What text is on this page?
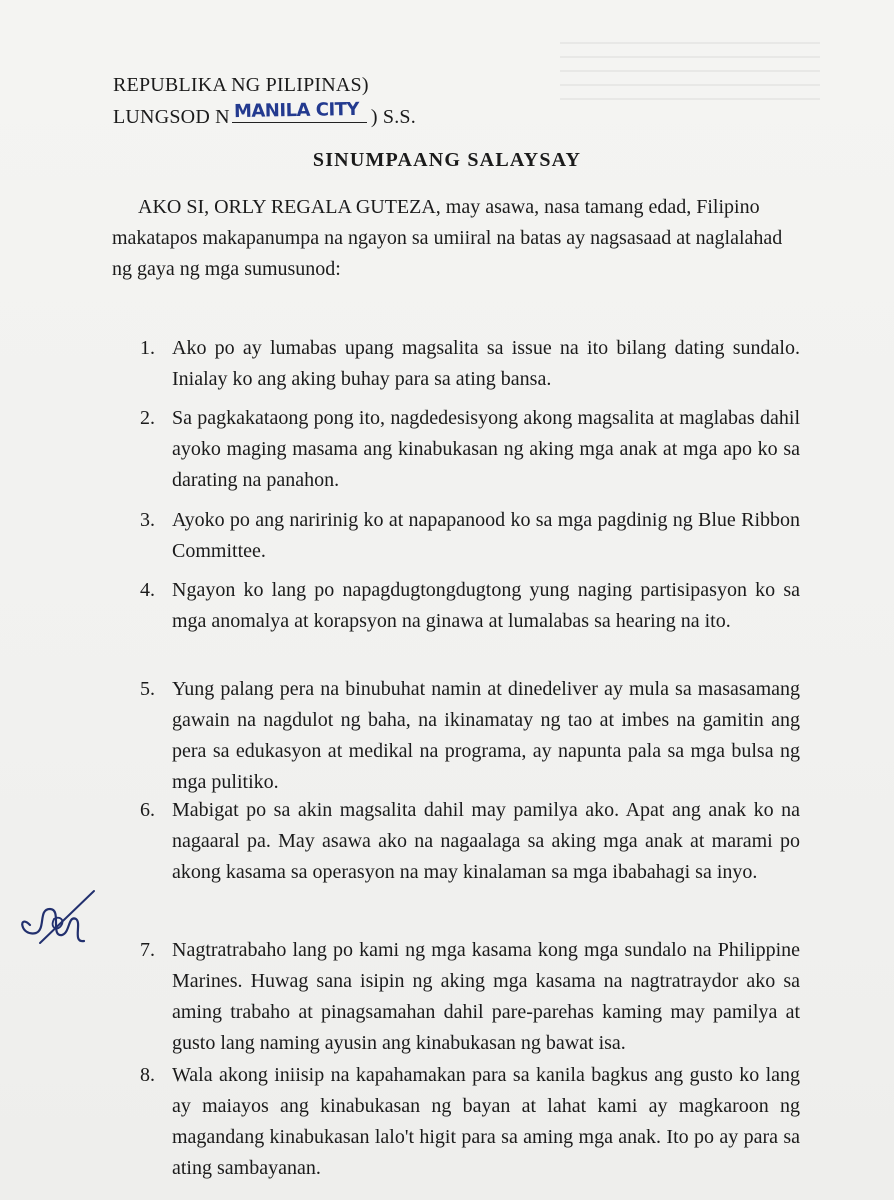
REPUBLIKA NG PILIPINAS)
LUNGSOD N MANILA CITY ) S.S.
SINUMPAANG SALAYSAY
AKO SI, ORLY REGALA GUTEZA, may asawa, nasa tamang edad, Filipino makatapos makapanumpa na ngayon sa umiiral na batas ay nagsasaad at naglalahad ng gaya ng mga sumusunod:
1. Ako po ay lumabas upang magsalita sa issue na ito bilang dating sundalo. Inialay ko ang aking buhay para sa ating bansa.
2. Sa pagkakataong pong ito, nagdedesisyong akong magsalita at maglabas dahil ayoko maging masama ang kinabukasan ng aking mga anak at mga apo ko sa darating na panahon.
3. Ayoko po ang naririnig ko at napapanood ko sa mga pagdinig ng Blue Ribbon Committee.
4. Ngayon ko lang po napagdugtongdugtong yung naging partisipasyon ko sa mga anomalya at korapsyon na ginawa at lumalabas sa hearing na ito.
5. Yung palang pera na binubuhat namin at dinedeliver ay mula sa masasamang gawain na nagdulot ng baha, na ikinamatay ng tao at imbes na gamitin ang pera sa edukasyon at medikal na programa, ay napunta pala sa mga bulsa ng mga pulitiko.
6. Mabigat po sa akin magsalita dahil may pamilya ako. Apat ang anak ko na nagaaral pa. May asawa ako na nagaalaga sa aking mga anak at marami po akong kasama sa operasyon na may kinalaman sa mga ibabahagi sa inyo.
7. Nagtratrabaho lang po kami ng mga kasama kong mga sundalo na Philippine Marines. Huwag sana isipin ng aking mga kasama na nagtratraydor ako sa aming trabaho at pinagsamahan dahil pare-parehas kaming may pamilya at gusto lang naming ayusin ang kinabukasan ng bawat isa.
8. Wala akong iniisip na kapahamakan para sa kanila bagkus ang gusto ko lang ay maiayos ang kinabukasan ng bayan at lahat kami ay magkaroon ng magandang kinabukasan lalo't higit para sa aming mga anak. Ito po ay para sa ating sambayanan.
